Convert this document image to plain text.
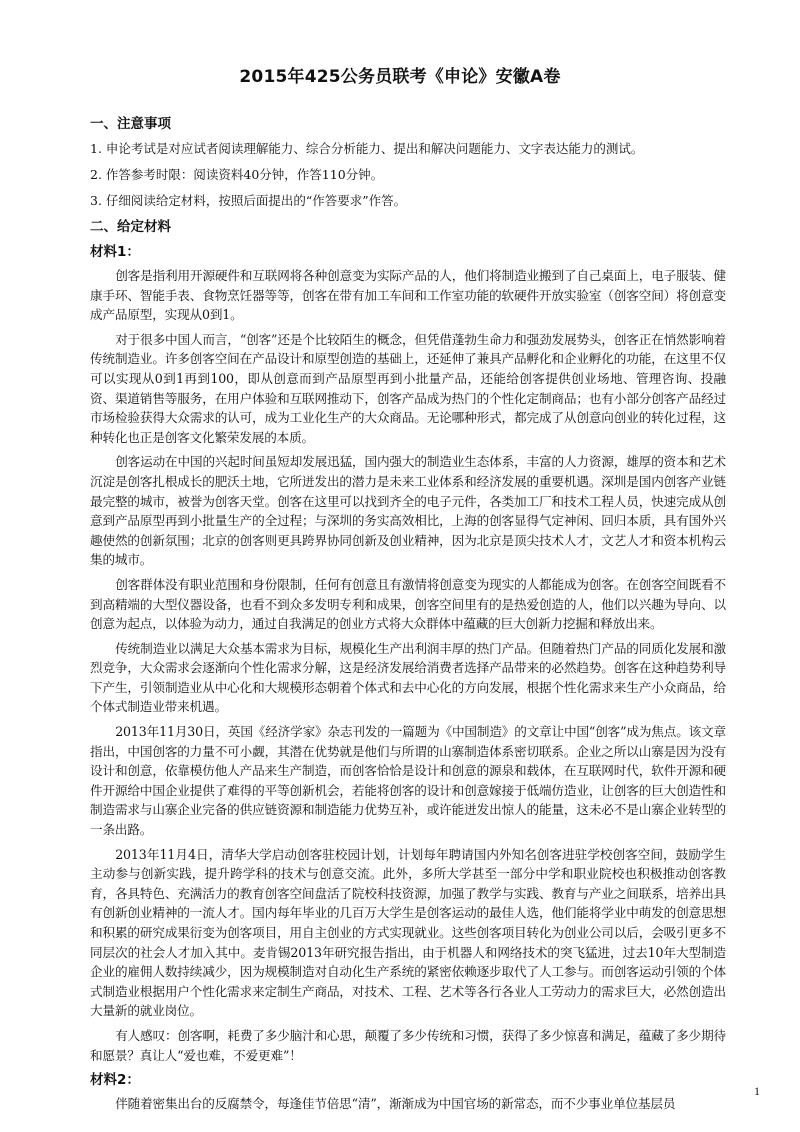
2015年425公务员联考《申论》安徽A卷
一、注意事项
1. 申论考试是对应试者阅读理解能力、综合分析能力、提出和解决问题能力、文字表达能力的测试。
2. 作答参考时限：阅读资料40分钟，作答110分钟。
3. 仔细阅读给定材料，按照后面提出的“作答要求”作答。
二、给定材料
材料1：

创客是指利用开源硬件和互联网将各种创意变为实际产品的人，他们将制造业搬到了自己桌面上，电子服装、健康手环、智能手表、食物烹饪器等等，创客在带有加工车间和工作室功能的软硬件开放实验室（创客空间）将创意变成产品原型，实现从0到1。

对于很多中国人而言，“创客”还是个比较陌生的概念，但凭借蓬勃生命力和强劲发展势头，创客正在悄然影响着传统制造业。许多创客空间在产品设计和原型创造的基础上，还延伸了兼具产品孵化和企业孵化的功能，在这里不仅可以实现从0到1再到100，即从创意而到产品原型再到小批量产品，还能给创客提供创业场地、管理咨询、投融资、渠道销售等服务，在用户体验和互联网推动下，创客产品成为热门的个性化定制商品；也有小部分创客产品经过市场检验获得大众需求的认可，成为工业化生产的大众商品。无论哪种形式，都完成了从创意向创业的转化过程，这种转化也正是创客文化繁荣发展的本质。

创客运动在中国的兴起时间虽短却发展迅猛，国内强大的制造业生态体系，丰富的人力资源，雄厚的资本和艺术沉淀是创客扎根成长的肥沃土地，它所迸发出的潜力是未来工业体系和经济发展的重要机遇。深圳是国内创客产业链最完整的城市，被誉为创客天堂。创客在这里可以找到齐全的电子元件，各类加工厂和技术工程人员，快速完成从创意到产品原型再到小批量生产的全过程；与深圳的务实高效相比，上海的创客显得气定神闲、回归本质，具有国外兴趣使然的创新氛围；北京的创客则更具跨界协同创新及创业精神，因为北京是顶尖技术人才，文艺人才和资本机构云集的城市。

创客群体没有职业范围和身份限制，任何有创意且有激情将创意变为现实的人都能成为创客。在创客空间既看不到高精端的大型仪器设备，也看不到众多发明专利和成果，创客空间里有的是热爱创造的人，他们以兴趣为导向、以创意为起点，以体验为动力，通过自我满足的创业方式将大众群体中蕴藏的巨大创新力挖掘和释放出来。

传统制造业以满足大众基本需求为目标，规模化生产出利润丰厚的热门产品。但随着热门产品的同质化发展和激烈竞争，大众需求会逐渐向个性化需求分解，这是经济发展给消费者选择产品带来的必然趋势。创客在这种趋势利导下产生，引领制造业从中心化和大规模形态朝着个体式和去中心化的方向发展，根据个性化需求来生产小众商品，给个体式制造业带来机遇。

2013年11月30日，英国《经济学家》杂志刊发的一篇题为《中国制造》的文章让中国“创客”成为焦点。该文章指出，中国创客的力量不可小觑，其潜在优势就是他们与所谓的山寨制造体系密切联系。企业之所以山寨是因为没有设计和创意，依靠模仿他人产品来生产制造，而创客恰恰是设计和创意的源泉和载体，在互联网时代，软件开源和硬件开源给中国企业提供了难得的平等创新机会，若能将创客的设计和创意嫁接于低端仿造业，让创客的巨大创造性和制造需求与山寨企业完备的供应链资源和制造能力优势互补，或许能迸发出惊人的能量，这未必不是山寨企业转型的一条出路。

2013年11月4日，清华大学启动创客驻校园计划，计划每年聘请国内外知名创客进驻学校创客空间，鼓励学生主动参与创新实践，提升跨学科的技术与创意交流。此外，多所大学甚至一部分中学和职业院校也积极推动创客教育，各具特色、充满活力的教育创客空间盘活了院校科技资源，加强了教学与实践、教育与产业之间联系，培养出具有创新创业精神的一流人才。国内每年毕业的几百万大学生是创客运动的最佳人选，他们能将学业中萌发的创意思想和积累的研究成果衍变为创客项目，用自主创业的方式实现就业。这些创客项目转化为创业公司以后，会吸引更多不同层次的社会人才加入其中。麦肯锡2013年研究报告指出，由于机器人和网络技术的突飞猛进，过去10年大型制造企业的雇佣人数持续减少，因为规模制造对自动化生产系统的紧密依赖逐步取代了人工参与。而创客运动引领的个体式制造业根据用户个性化需求来定制生产商品，对技术、工程、艺术等各行各业人工劳动力的需求巨大，必然创造出大量新的就业岗位。

有人感叹：创客啊，耗费了多少脑汁和心思，颠覆了多少传统和习惯，获得了多少惊喜和满足，蕴藏了多少期待和愿景？真让人“爱也难，不爱更难”！

材料2：

伴随着密集出台的反腐禁令，每逢佳节倍思“清”，渐渐成为中国官场的新常态，而不少事业单位基层员

1
